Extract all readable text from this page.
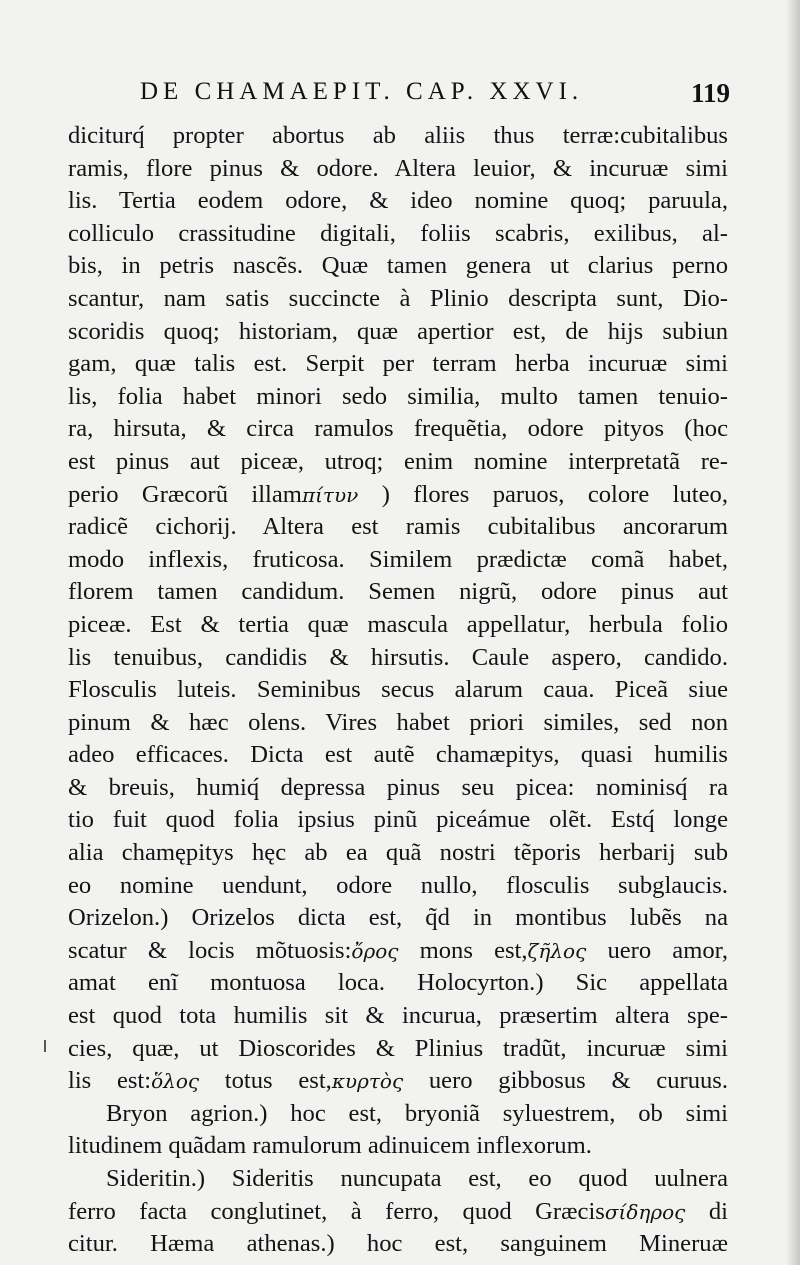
DE CHAMAEPIT. CAP. XXVI.	119
diciturq́ propter abortus ab aliis thus terræ:cubitalibus
ramis, flore pinus & odore. Altera leuior, & incuruæ simi
lis. Tertia eodem odore, & ideo nomine quoq; paruula,
colliculo crassitudine digitali, foliis scabris, exilibus, al-
bis, in petris nascẽs. Quæ tamen genera ut clarius perno
scantur, nam satis succincte à Plinio descripta sunt, Dio-
scoridis quoq; historiam, quæ apertior est, de hijs subiun
gam, quæ talis est. Serpit per terram herba incuruæ simi
lis, folia habet minori sedo similia, multo tamen tenuio-
ra, hirsuta, & circa ramulos frequẽtia, odore pityos (hoc
est pinus aut piceæ, utroq; enim nomine interpretatã re-
perio Græcorũ illamπίτυν ) flores paruos, colore luteo,
radicẽ cichorij. Altera est ramis cubitalibus ancorarum
modo inflexis, fruticosa. Similem prædictæ comã habet,
florem tamen candidum. Semen nigrũ, odore pinus aut
piceæ. Est & tertia quæ mascula appellatur, herbula folio
lis tenuibus, candidis & hirsutis. Caule aspero, candido.
Flosculis luteis. Seminibus secus alarum caua. Piceã siue
pinum & hæc olens. Vires habet priori similes, sed non
adeo efficaces. Dicta est autẽ chamæpitys, quasi humilis
& breuis, humiq́ depressa pinus seu picea: nominisq́ ra
tio fuit quod folia ipsius pinũ piceámue olẽt. Estq́ longe
alia chamępitys hęc ab ea quã nostri tẽporis herbarij sub
eo nomine uendunt, odore nullo, flosculis subglaucis.
Orizelon.) Orizelos dicta est, q̃d in montibus lubẽs na
scatur & locis mõtuosis:ὄρος mons est,ζῆλος uero amor,
amat enĩ montuosa loca. Holocyrton.) Sic appellata
est quod tota humilis sit & incurua, præsertim altera spe-
cies, quæ, ut Dioscorides & Plinius tradũt, incuruæ simi
lis est:ὅλος totus est,κυρτὸς uero gibbosus & curuus.
Bryon agrion.) hoc est, bryoniã syluestrem, ob simi
litudinem quãdam ramulorum adinuicem inflexorum.
Sideritin.) Sideritis nuncupata est, eo quod uulnera
ferro facta conglutinet, à ferro, quod Græcisσίδηρος di
citur. Hæma athenas.) hoc est, sanguinem Mineruæ
